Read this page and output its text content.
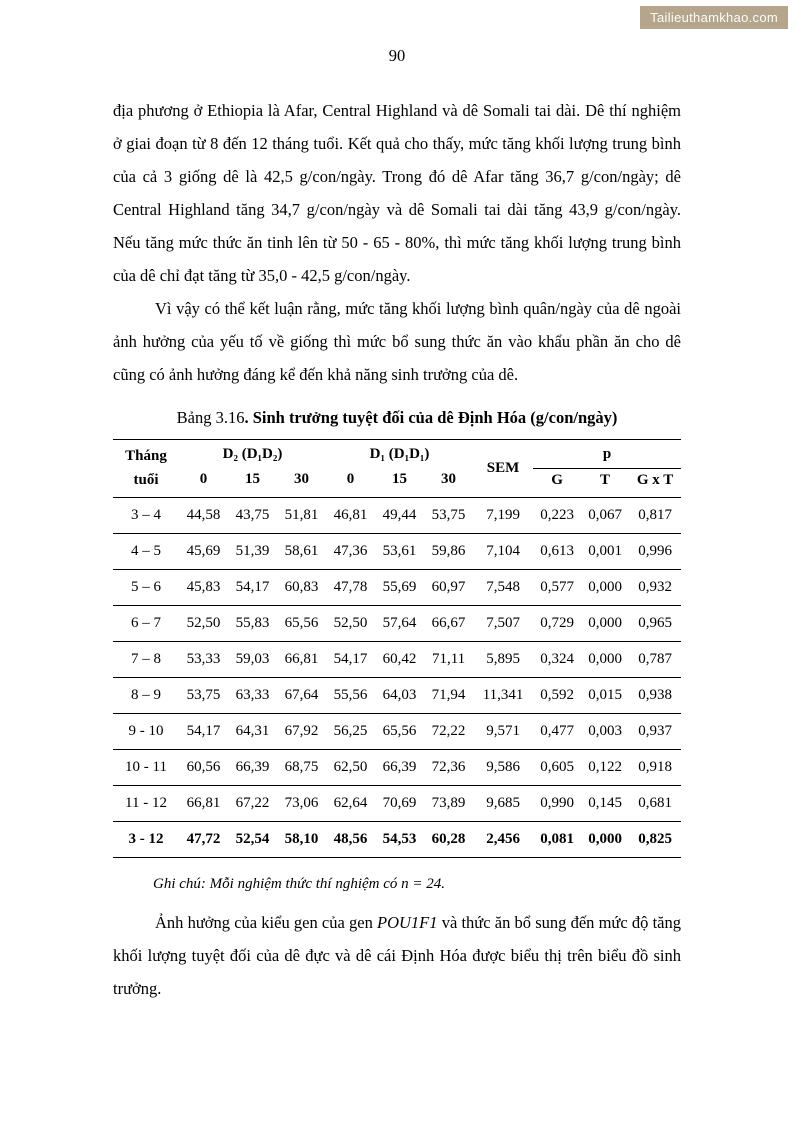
Tailieuthamkhao.com
90

địa phương ở Ethiopia là Afar, Central Highland và dê Somali tai dài. Dê thí nghiệm ở giai đoạn từ 8 đến 12 tháng tuổi. Kết quả cho thấy, mức tăng khối lượng trung bình của cả 3 giống dê là 42,5 g/con/ngày. Trong đó dê Afar tăng 36,7 g/con/ngày; dê Central Highland tăng 34,7 g/con/ngày và dê Somali tai dài tăng 43,9 g/con/ngày. Nếu tăng mức thức ăn tinh lên từ 50 - 65 - 80%, thì mức tăng khối lượng trung bình của dê chỉ đạt tăng từ 35,0 - 42,5 g/con/ngày.

Vì vậy có thể kết luận rằng, mức tăng khối lượng bình quân/ngày của dê ngoài ảnh hưởng của yếu tố về giống thì mức bổ sung thức ăn vào khẩu phần ăn cho dê cũng có ảnh hưởng đáng kể đến khả năng sinh trưởng của dê.

Bảng 3.16. Sinh trưởng tuyệt đối của dê Định Hóa (g/con/ngày)
Tháng
tuổi	D₂ (D₁D₂)			D₁ (D₁D₁)			SEM	p		
	0	15	30	0	15	30		G	T	G x T
3 – 4	44,58	43,75	51,81	46,81	49,44	53,75	7,199	0,223	0,067	0,817
4 – 5	45,69	51,39	58,61	47,36	53,61	59,86	7,104	0,613	0,001	0,996
5 – 6	45,83	54,17	60,83	47,78	55,69	60,97	7,548	0,577	0,000	0,932
6 – 7	52,50	55,83	65,56	52,50	57,64	66,67	7,507	0,729	0,000	0,965
7 – 8	53,33	59,03	66,81	54,17	60,42	71,11	5,895	0,324	0,000	0,787
8 – 9	53,75	63,33	67,64	55,56	64,03	71,94	11,341	0,592	0,015	0,938
9 - 10	54,17	64,31	67,92	56,25	65,56	72,22	9,571	0,477	0,003	0,937
10 - 11	60,56	66,39	68,75	62,50	66,39	72,36	9,586	0,605	0,122	0,918
11 - 12	66,81	67,22	73,06	62,64	70,69	73,89	9,685	0,990	0,145	0,681
3 - 12	47,72	52,54	58,10	48,56	54,53	60,28	2,456	0,081	0,000	0,825

Ghi chú: Mỗi nghiệm thức thí nghiệm có n = 24.

Ảnh hưởng của kiểu gen của gen POU1F1 và thức ăn bổ sung đến mức độ tăng khối lượng tuyệt đối của dê đực và dê cái Định Hóa được biểu thị trên biểu đồ sinh trưởng.
